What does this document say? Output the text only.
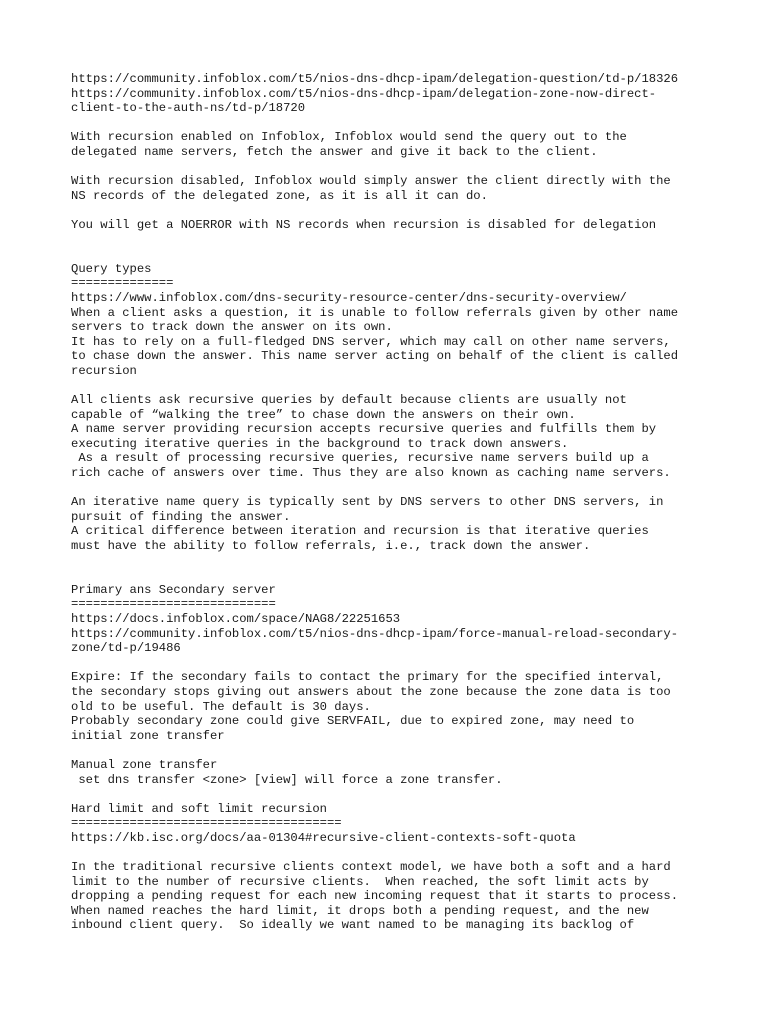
https://community.infoblox.com/t5/nios-dns-dhcp-ipam/delegation-question/td-p/18326
https://community.infoblox.com/t5/nios-dns-dhcp-ipam/delegation-zone-now-direct-
client-to-the-auth-ns/td-p/18720

With recursion enabled on Infoblox, Infoblox would send the query out to the
delegated name servers, fetch the answer and give it back to the client.

With recursion disabled, Infoblox would simply answer the client directly with the
NS records of the delegated zone, as it is all it can do.

You will get a NOERROR with NS records when recursion is disabled for delegation

Query types
==============
https://www.infoblox.com/dns-security-resource-center/dns-security-overview/
When a client asks a question, it is unable to follow referrals given by other name
servers to track down the answer on its own.
It has to rely on a full-fledged DNS server, which may call on other name servers,
to chase down the answer. This name server acting on behalf of the client is called
recursion

All clients ask recursive queries by default because clients are usually not
capable of “walking the tree” to chase down the answers on their own.
A name server providing recursion accepts recursive queries and fulfills them by
executing iterative queries in the background to track down answers.
As a result of processing recursive queries, recursive name servers build up a
rich cache of answers over time. Thus they are also known as caching name servers.

An iterative name query is typically sent by DNS servers to other DNS servers, in
pursuit of finding the answer.
A critical difference between iteration and recursion is that iterative queries
must have the ability to follow referrals, i.e., track down the answer.

Primary ans Secondary server
============================
https://docs.infoblox.com/space/NAG8/22251653
https://community.infoblox.com/t5/nios-dns-dhcp-ipam/force-manual-reload-secondary-
zone/td-p/19486

Expire: If the secondary fails to contact the primary for the specified interval,
the secondary stops giving out answers about the zone because the zone data is too
old to be useful. The default is 30 days.
Probably secondary zone could give SERVFAIL, due to expired zone, may need to
initial zone transfer

Manual zone transfer
set dns transfer <zone> [view] will force a zone transfer.

Hard limit and soft limit recursion
=====================================
https://kb.isc.org/docs/aa-01304#recursive-client-contexts-soft-quota

In the traditional recursive clients context model, we have both a soft and a hard
limit to the number of recursive clients.  When reached, the soft limit acts by
dropping a pending request for each new incoming request that it starts to process.
When named reaches the hard limit, it drops both a pending request, and the new
inbound client query.  So ideally we want named to be managing its backlog of
